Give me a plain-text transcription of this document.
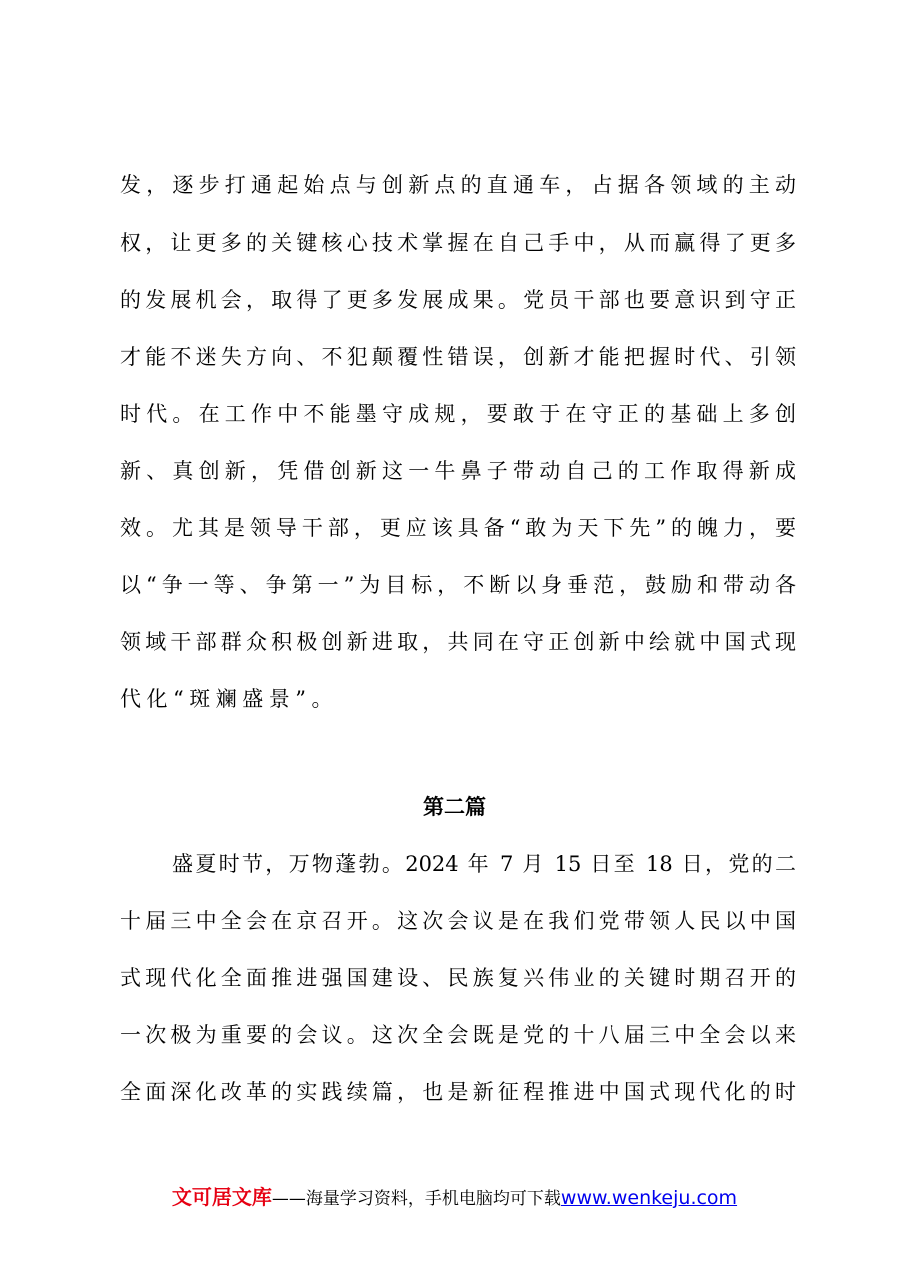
发，逐步打通起始点与创新点的直通车，占据各领域的主动
权，让更多的关键核心技术掌握在自己手中，从而赢得了更多
的发展机会，取得了更多发展成果。党员干部也要意识到守正
才能不迷失方向、不犯颠覆性错误，创新才能把握时代、引领
时代。在工作中不能墨守成规，要敢于在守正的基础上多创
新、真创新，凭借创新这一牛鼻子带动自己的工作取得新成
效。尤其是领导干部，更应该具备“敢为天下先”的魄力，要
以“争一等、争第一”为目标，不断以身垂范，鼓励和带动各
领域干部群众积极创新进取，共同在守正创新中绘就中国式现
代化“斑斓盛景”。
第二篇
盛夏时节，万物蓬勃。2024 年 7 月 15 日至 18 日，党的二
十届三中全会在京召开。这次会议是在我们党带领人民以中国
式现代化全面推进强国建设、民族复兴伟业的关键时期召开的
一次极为重要的会议。这次全会既是党的十八届三中全会以来
全面深化改革的实践续篇，也是新征程推进中国式现代化的时
文可居文库——海量学习资料，手机电脑均可下载www.wenkeju.com
